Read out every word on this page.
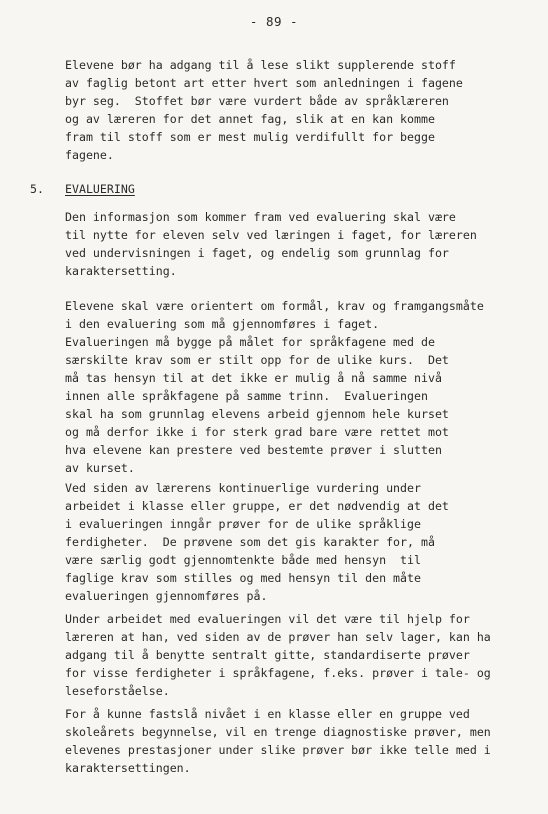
- 89 -
Elevene bør ha adgang til å lese slikt supplerende stoff
av faglig betont art etter hvert som anledningen i fagene
byr seg.  Stoffet bør være vurdert både av språklæreren
og av læreren for det annet fag, slik at en kan komme
fram til stoff som er mest mulig verdifullt for begge
fagene.
5. EVALUERING
Den informasjon som kommer fram ved evaluering skal være
til nytte for eleven selv ved læringen i faget, for læreren
ved undervisningen i faget, og endelig som grunnlag for
karaktersetting.
Elevene skal være orientert om formål, krav og framgangsmåte
i den evaluering som må gjennomføres i faget.
Evalueringen må bygge på målet for språkfagene med de
særskilte krav som er stilt opp for de ulike kurs.  Det
må tas hensyn til at det ikke er mulig å nå samme nivå
innen alle språkfagene på samme trinn.  Evalueringen
skal ha som grunnlag elevens arbeid gjennom hele kurset
og må derfor ikke i for sterk grad bare være rettet mot
hva elevene kan prestere ved bestemte prøver i slutten
av kurset.
Ved siden av lærerens kontinuerlige vurdering under
arbeidet i klasse eller gruppe, er det nødvendig at det
i evalueringen inngår prøver for de ulike språklige
ferdigheter.  De prøvene som det gis karakter for, må
være særlig godt gjennomtenkte både med hensyn  til
faglige krav som stilles og med hensyn til den måte
evalueringen gjennomføres på.
Under arbeidet med evalueringen vil det være til hjelp for
læreren at han, ved siden av de prøver han selv lager, kan ha
adgang til å benytte sentralt gitte, standardiserte prøver
for visse ferdigheter i språkfagene, f.eks. prøver i tale- og
leseforståelse.
For å kunne fastslå nivået i en klasse eller en gruppe ved
skoleårets begynnelse, vil en trenge diagnostiske prøver, men
elevenes prestasjoner under slike prøver bør ikke telle med i
karaktersettingen.
